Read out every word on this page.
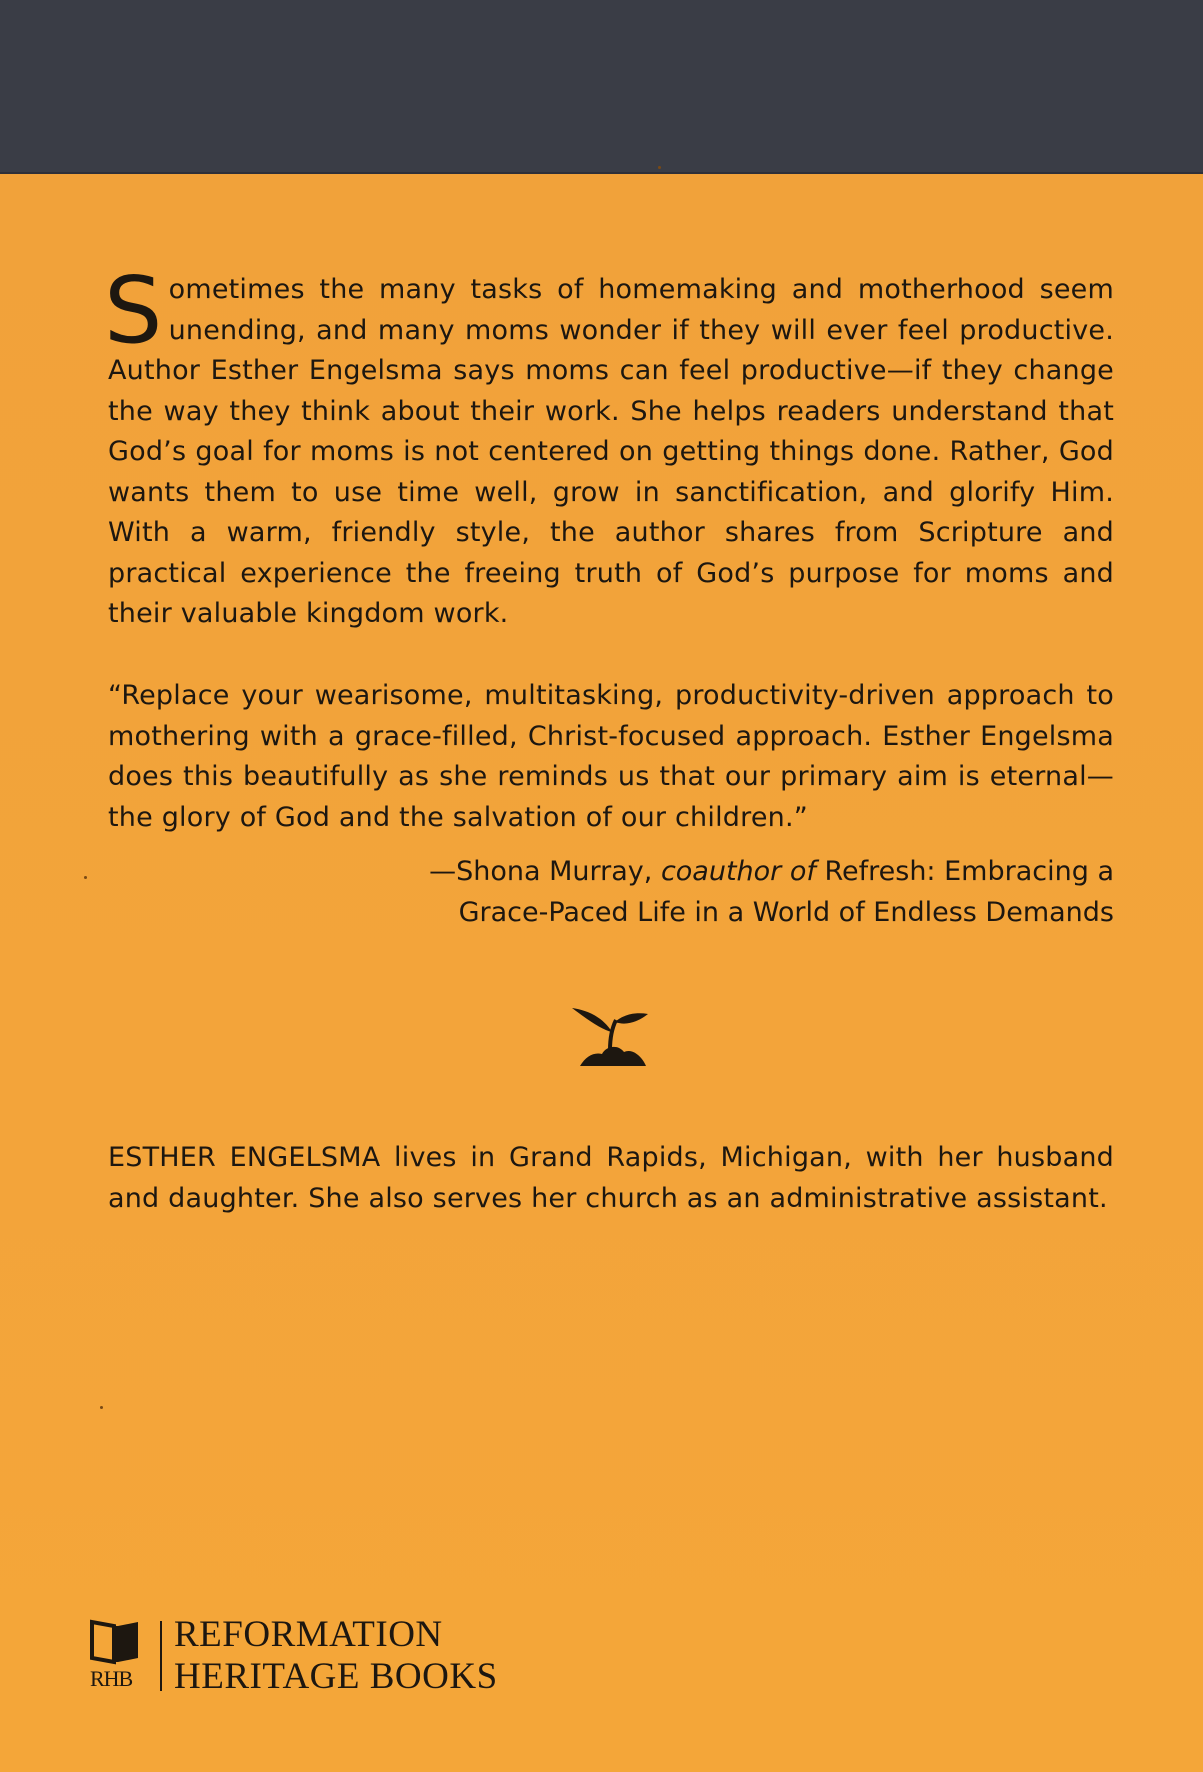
Sometimes the many tasks of homemaking and motherhood seem unending, and many moms wonder if they will ever feel productive. Author Esther Engelsma says moms can feel productive—if they change the way they think about their work. She helps readers understand that God’s goal for moms is not centered on getting things done. Rather, God wants them to use time well, grow in sanctification, and glorify Him. With a warm, friendly style, the author shares from Scripture and practical experience the freeing truth of God’s purpose for moms and their valuable kingdom work.
“Replace your wearisome, multitasking, productivity-driven approach to mothering with a grace-filled, Christ-focused approach. Esther Engelsma does this beautifully as she reminds us that our primary aim is eternal—the glory of God and the salvation of our children.”
—Shona Murray, coauthor of Refresh: Embracing a
Grace-Paced Life in a World of Endless Demands
ESTHER ENGELSMA lives in Grand Rapids, Michigan, with her husband and daughter. She also serves her church as an administrative assistant.
RHB
REFORMATION
HERITAGE BOOKS
